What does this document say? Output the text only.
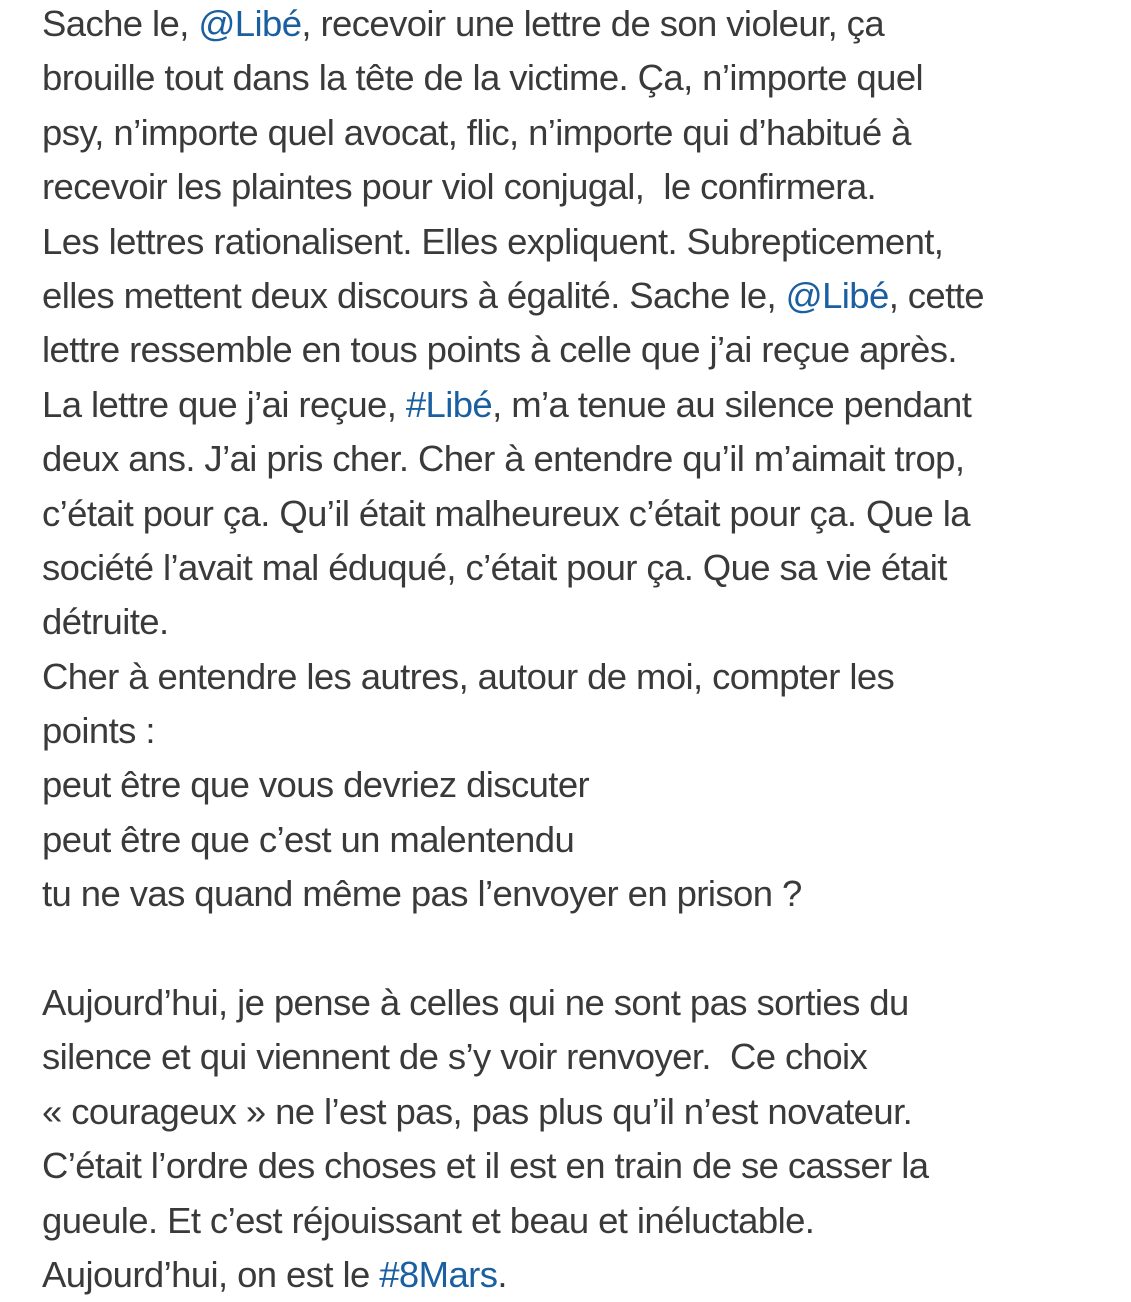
Sache le, @Libé, recevoir une lettre de son violeur, ça
brouille tout dans la tête de la victime. Ça, n’importe quel
psy, n’importe quel avocat, flic, n’importe qui d’habitué à
recevoir les plaintes pour viol conjugal,  le confirmera.
Les lettres rationalisent. Elles expliquent. Subrepticement,
elles mettent deux discours à égalité. Sache le, @Libé, cette
lettre ressemble en tous points à celle que j’ai reçue après.
La lettre que j’ai reçue, #Libé, m’a tenue au silence pendant
deux ans. J’ai pris cher. Cher à entendre qu’il m’aimait trop,
c’était pour ça. Qu’il était malheureux c’était pour ça. Que la
société l’avait mal éduqué, c’était pour ça. Que sa vie était
détruite.
Cher à entendre les autres, autour de moi, compter les
points :
peut être que vous devriez discuter
peut être que c’est un malentendu
tu ne vas quand même pas l’envoyer en prison ?
Aujourd’hui, je pense à celles qui ne sont pas sorties du
silence et qui viennent de s’y voir renvoyer.  Ce choix
« courageux » ne l’est pas, pas plus qu’il n’est novateur.
C’était l’ordre des choses et il est en train de se casser la
gueule. Et c’est réjouissant et beau et inéluctable.
Aujourd’hui, on est le #8Mars.
